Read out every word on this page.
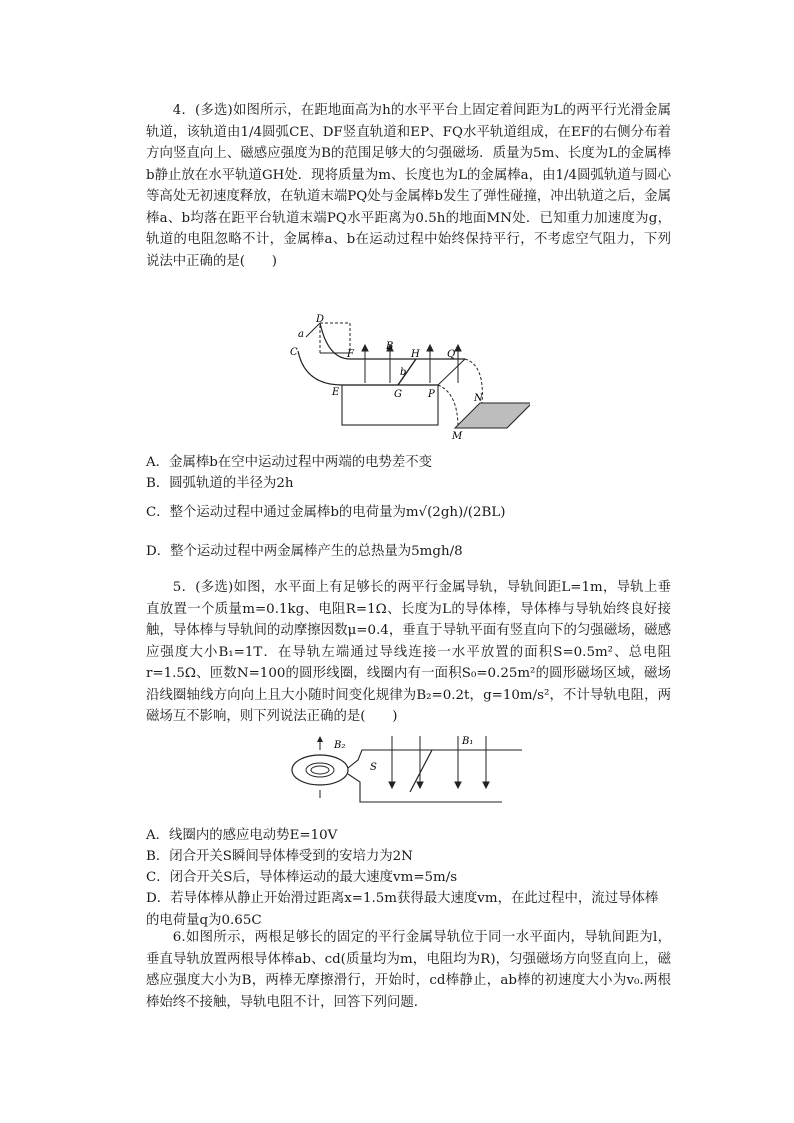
4．(多选)如图所示，在距地面高为h的水平平台上固定着间距为L的两平行光滑金属轨道，该轨道由1/4圆弧CE、DF竖直轨道和EP、FQ水平轨道组成，在EF的右侧分布着方向竖直向上、磁感应强度为B的范围足够大的匀强磁场．质量为5m、长度为L的金属棒b静止放在水平轨道GH处．现将质量为m、长度也为L的金属棒a，由1/4圆弧轨道与圆心等高处无初速度释放，在轨道末端PQ处与金属棒b发生了弹性碰撞，冲出轨道之后，金属棒a、b均落在距平台轨道末端PQ水平距离为0.5h的地面MN处．已知重力加速度为g，轨道的电阻忽略不计，金属棒a、b在运动过程中始终保持平行，不考虑空气阻力，下列说法中正确的是(　　)
D
a
C	F
B
H	Q
b
E	G	P	N
M
A．金属棒b在空中运动过程中两端的电势差不变
B．圆弧轨道的半径为2h
C．整个运动过程中通过金属棒b的电荷量为m√(2gh)/(2BL)
D．整个运动过程中两金属棒产生的总热量为5mgh/8
5．(多选)如图，水平面上有足够长的两平行金属导轨，导轨间距L=1m，导轨上垂直放置一个质量m=0.1kg、电阻R=1Ω、长度为L的导体棒，导体棒与导轨始终良好接触，导体棒与导轨间的动摩擦因数μ=0.4，垂直于导轨平面有竖直向下的匀强磁场，磁感应强度大小B₁=1T．在导轨左端通过导线连接一水平放置的面积S=0.5m²、总电阻r=1.5Ω、匝数N=100的圆形线圈，线圈内有一面积S₀=0.25m²的圆形磁场区域，磁场沿线圈轴线方向向上且大小随时间变化规律为B₂=0.2t，g=10m/s²，不计导轨电阻，两磁场互不影响，则下列说法正确的是(　　)
B₂
S
B₁
A．线圈内的感应电动势E=10V
B．闭合开关S瞬间导体棒受到的安培力为2N
C．闭合开关S后，导体棒运动的最大速度vm=5m/s
D．若导体棒从静止开始滑过距离x=1.5m获得最大速度vm，在此过程中，流过导体棒的电荷量q为0.65C
6.如图所示，两根足够长的固定的平行金属导轨位于同一水平面内，导轨间距为l，垂直导轨放置两根导体棒ab、cd(质量均为m，电阻均为R)，匀强磁场方向竖直向上，磁感应强度大小为B，两棒无摩擦滑行，开始时，cd棒静止，ab棒的初速度大小为v₀.两根棒始终不接触，导轨电阻不计，回答下列问题．
